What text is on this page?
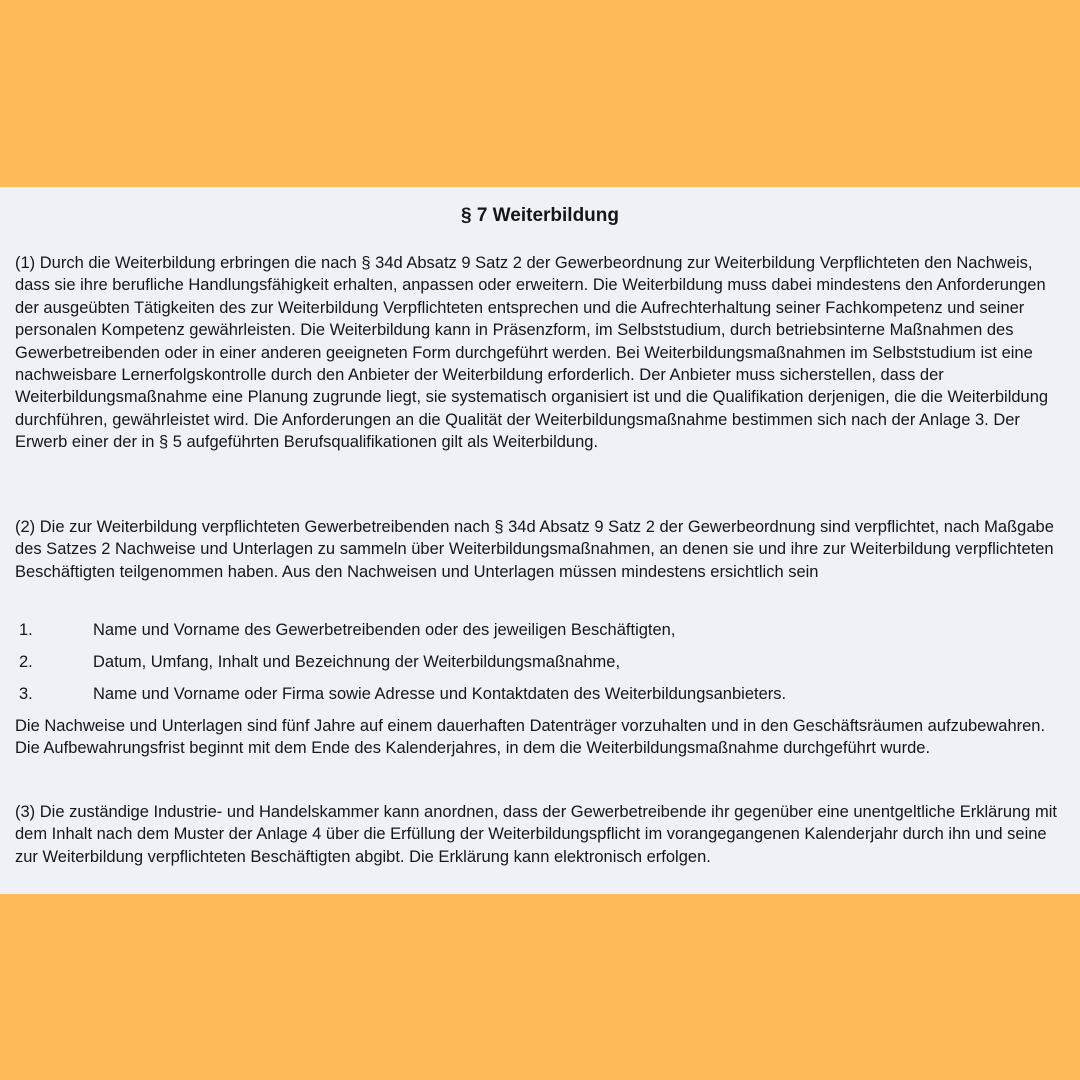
§ 7 Weiterbildung

(1) Durch die Weiterbildung erbringen die nach § 34d Absatz 9 Satz 2 der Gewerbeordnung zur Weiterbildung Verpflichteten den Nachweis, dass sie ihre berufliche Handlungsfähigkeit erhalten, anpassen oder erweitern. Die Weiterbildung muss dabei mindestens den Anforderungen der ausgeübten Tätigkeiten des zur Weiterbildung Verpflichteten entsprechen und die Aufrechterhaltung seiner Fachkompetenz und seiner personalen Kompetenz gewährleisten. Die Weiterbildung kann in Präsenzform, im Selbststudium, durch betriebsinterne Maßnahmen des Gewerbetreibenden oder in einer anderen geeigneten Form durchgeführt werden. Bei Weiterbildungsmaßnahmen im Selbststudium ist eine nachweisbare Lernerfolgskontrolle durch den Anbieter der Weiterbildung erforderlich. Der Anbieter muss sicherstellen, dass der Weiterbildungsmaßnahme eine Planung zugrunde liegt, sie systematisch organisiert ist und die Qualifikation derjenigen, die die Weiterbildung durchführen, gewährleistet wird. Die Anforderungen an die Qualität der Weiterbildungsmaßnahme bestimmen sich nach der Anlage 3. Der Erwerb einer der in § 5 aufgeführten Berufsqualifikationen gilt als Weiterbildung.

(2) Die zur Weiterbildung verpflichteten Gewerbetreibenden nach § 34d Absatz 9 Satz 2 der Gewerbeordnung sind verpflichtet, nach Maßgabe des Satzes 2 Nachweise und Unterlagen zu sammeln über Weiterbildungsmaßnahmen, an denen sie und ihre zur Weiterbildung verpflichteten Beschäftigten teilgenommen haben. Aus den Nachweisen und Unterlagen müssen mindestens ersichtlich sein

1.	Name und Vorname des Gewerbetreibenden oder des jeweiligen Beschäftigten,
2.	Datum, Umfang, Inhalt und Bezeichnung der Weiterbildungsmaßnahme,
3.	Name und Vorname oder Firma sowie Adresse und Kontaktdaten des Weiterbildungsanbieters.

Die Nachweise und Unterlagen sind fünf Jahre auf einem dauerhaften Datenträger vorzuhalten und in den Geschäftsräumen aufzubewahren. Die Aufbewahrungsfrist beginnt mit dem Ende des Kalenderjahres, in dem die Weiterbildungsmaßnahme durchgeführt wurde.

(3) Die zuständige Industrie- und Handelskammer kann anordnen, dass der Gewerbetreibende ihr gegenüber eine unentgeltliche Erklärung mit dem Inhalt nach dem Muster der Anlage 4 über die Erfüllung der Weiterbildungspflicht im vorangegangenen Kalenderjahr durch ihn und seine zur Weiterbildung verpflichteten Beschäftigten abgibt. Die Erklärung kann elektronisch erfolgen.
